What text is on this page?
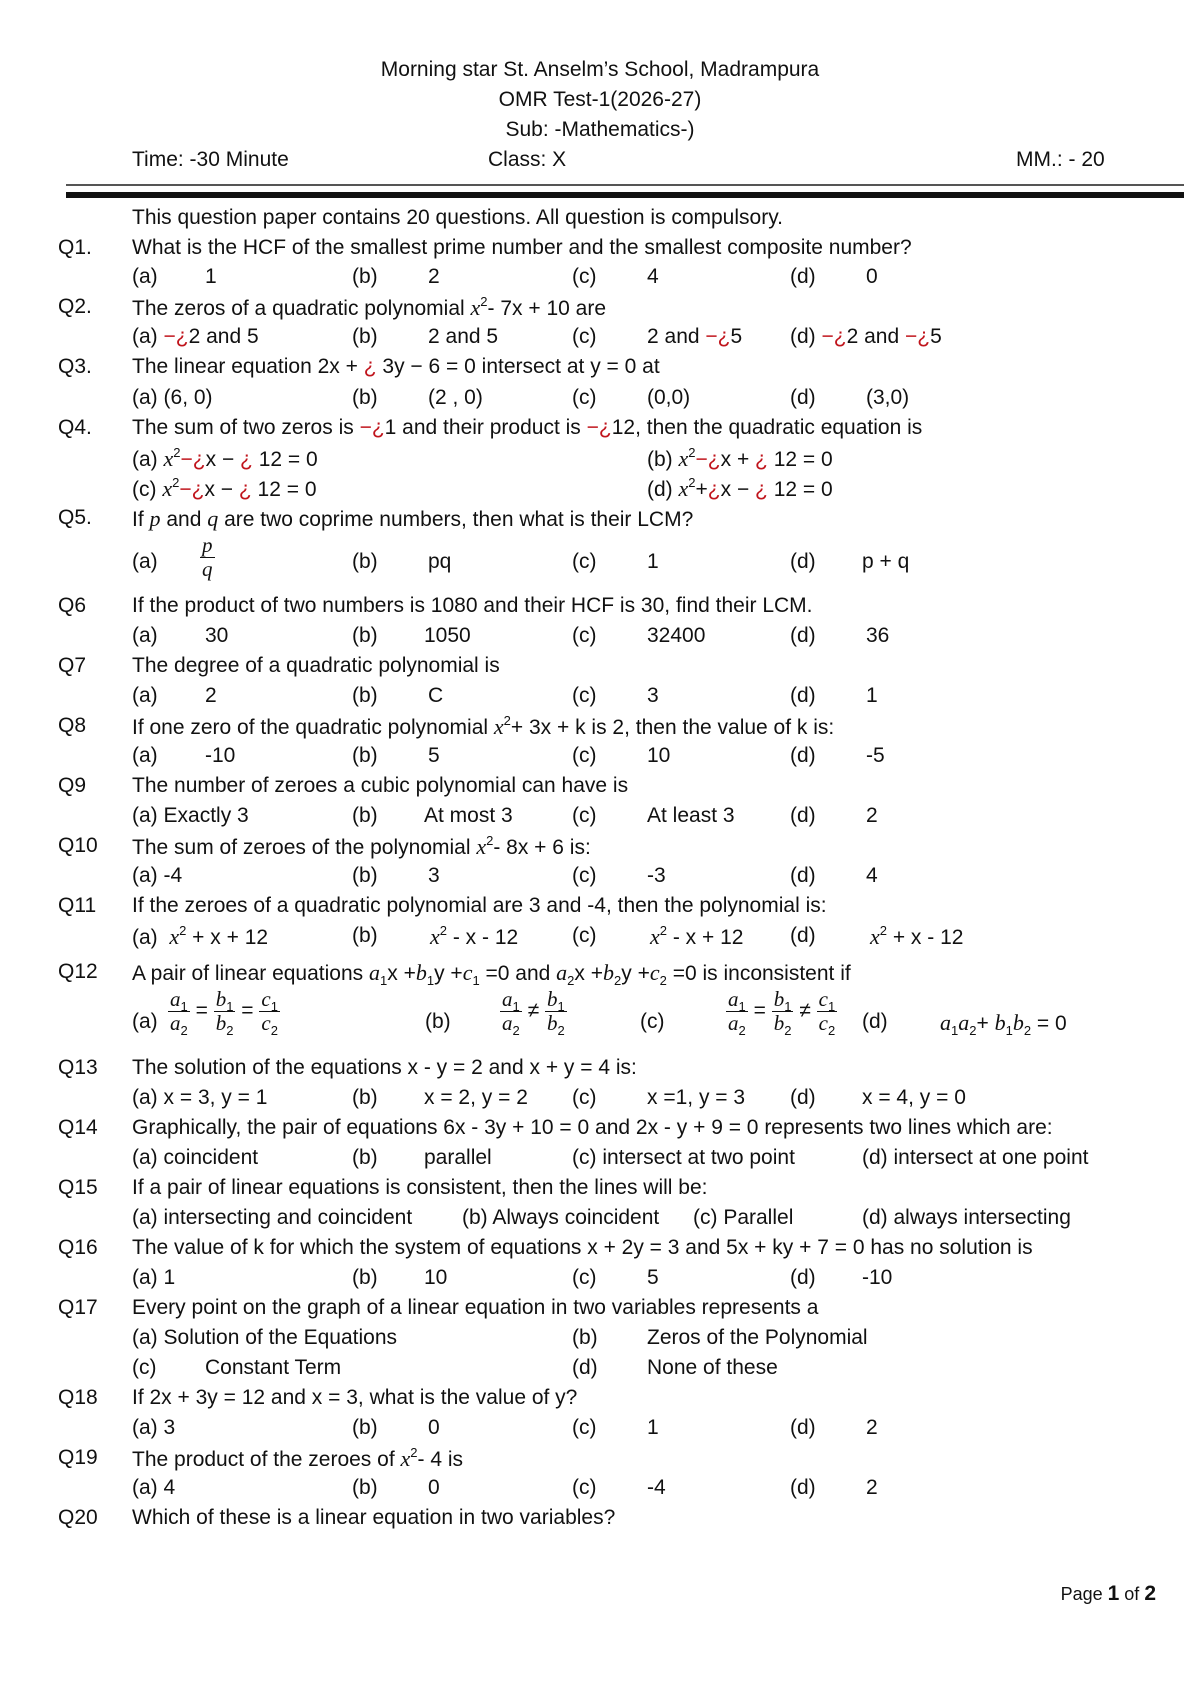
Morning star St. Anselm’s School, Madrampura
OMR Test-1(2026-27)
Sub: -Mathematics-)
Time: -30 Minute	Class: X	MM.: - 20
This question paper contains 20 questions. All question is compulsory.
Q1. What is the HCF of the smallest prime number and the smallest composite number?
(a) 1	(b) 2	(c) 4	(d) 0
Q2. The zeros of a quadratic polynomial $x^2-$ 7x + 10 are
(a) −¿2 and 5	(b) 2 and 5	(c) 2 and −¿5 (d) −¿2 and −¿5
Q3. The linear equation 2x + ¿ 3y − 6 = 0 intersect at y = 0 at
(a) (6, 0)	(b) (2 , 0)	(c) (0,0)	(d) (3,0)
Q4. The sum of two zeros is −¿1 and their product is −¿12, then the quadratic equation is
(a) $x^2-¿x$ − ¿ 12 = 0	(b) $x^2-¿x$ + ¿ 12 = 0
(c) $x^2-¿x$ − ¿ 12 = 0	(d) $x^2+¿x$ − ¿ 12 = 0
Q5. If p and q are two coprime numbers, then what is their LCM?
$(a) \frac{p}{q}$	(b) pq	(c) 1	(d) p + q
Q6 If the product of two numbers is 1080 and their HCF is 30, find their LCM.
(a) 30	(b) 1050	(c) 32400	(d) 36
Q7 The degree of a quadratic polynomial is
(a) 2	(b) C	(c) 3	(d) 1
Q8 If one zero of the quadratic polynomial $x^2+ 3x + k$ is 2, then the value of k is:
(a) -10	(b) 5	(c) 10	(d) -5
Q9 The number of zeroes a cubic polynomial can have is
(a) Exactly 3	(b) At most 3	(c) At least 3	(d) 2
Q10 The sum of zeroes of the polynomial $x^2-$ 8x + 6 is:
(a) -4	(b) 3	(c) -3	(d) 4
Q11 If the zeroes of a quadratic polynomial are 3 and -4, then the polynomial is:
(a) $x^2 + x + 12$	(b) $x^2$ - x - 12	(c) $x^2 - x + 12$ (d) $x^2 + x - 12$
Q12 A pair of linear equations $a_1x +b_1y +c_1 =0$ and $a_2x +b_2y +c_2 =0$ is inconsistent if
$(a) \frac{a_1}{a_2} = \frac{b_1}{b_2} = \frac{c_1}{c_2}$	$(b) \frac{a_1}{a_2} \ne \frac{b_1}{b_2}$	(c)	$\frac{a_1}{a_2} = \frac{b_1}{b_2} \ne \frac{c_1}{c_2} (d)$ $a_1a_2+ b_1b_2 = 0$
Q13 The solution of the equations x - y = 2 and x + y = 4 is:
(a) x = 3, y = 1	(b) x = 2, y = 2 (c) x =1, y = 3 (d) x = 4, y = 0
Q14 Graphically, the pair of equations 6x - 3y + 10 = 0 and 2x - y + 9 = 0 represents two lines which are:
(a) coincident	(b) parallel	(c) intersect at two point	(d) intersect at one point
Q15 If a pair of linear equations is consistent, then the lines will be:
(a) intersecting and coincident (b) Always coincident (c) Parallel	(d) always intersecting
Q16 The value of k for which the system of equations x + 2y = 3 and 5x + ky + 7 = 0 has no solution is
(a) 1	(b) 10	(c) 5	(d) -10
Q17 Every point on the graph of a linear equation in two variables represents a
(a) Solution of the Equations	(b) Zeros of the Polynomial
(c) Constant Term	(d) None of these
Q18 If 2x + 3y = 12 and x = 3, what is the value of y?
(a) 3	(b) 0	(c) 1	(d) 2
Q19 The product of the zeroes of $x^2-$ 4 is
(a) 4	(b) 0	(c) -4	(d) 2
Q20 Which of these is a linear equation in two variables?
Page 1 of 2
